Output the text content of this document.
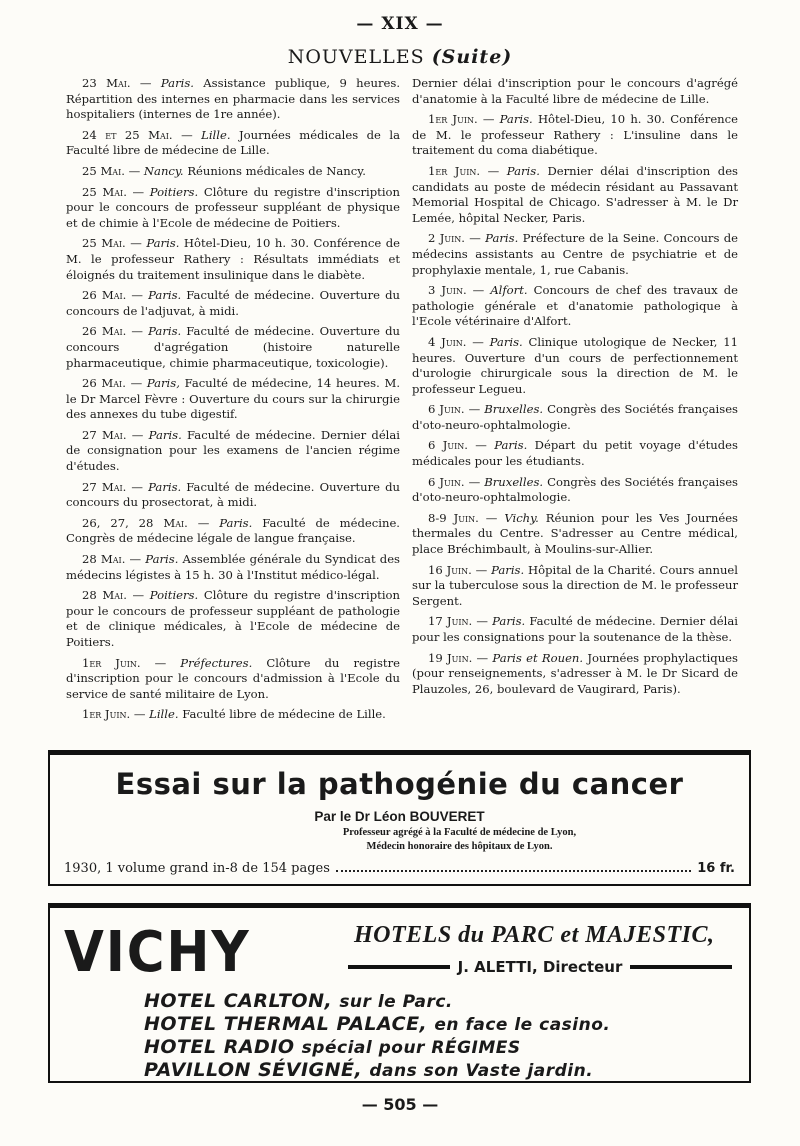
— XIX —
NOUVELLES (Suite)

23 Mai. — Paris. Assistance publique, 9 heures. Répartition des internes en pharmacie dans les services hospitaliers (internes de 1re année).

24 et 25 Mai. — Lille. Journées médicales de la Faculté libre de médecine de Lille.

25 Mai. — Nancy. Réunions médicales de Nancy.

25 Mai. — Poitiers. Clôture du registre d'inscription pour le concours de professeur suppléant de physique et de chimie à l'Ecole de médecine de Poitiers.

25 Mai. — Paris. Hôtel-Dieu, 10 h. 30. Conférence de M. le professeur Rathery : Résultats immédiats et éloignés du traitement insulinique dans le diabète.

26 Mai. — Paris. Faculté de médecine. Ouverture du concours de l'adjuvat, à midi.

26 Mai. — Paris. Faculté de médecine. Ouverture du concours d'agrégation (histoire naturelle pharmaceutique, chimie pharmaceutique, toxicologie).

26 Mai. — Paris, Faculté de médecine, 14 heures. M. le Dr Marcel Fèvre : Ouverture du cours sur la chirurgie des annexes du tube digestif.

27 Mai. — Paris. Faculté de médecine. Dernier délai de consignation pour les examens de l'ancien régime d'études.

27 Mai. — Paris. Faculté de médecine. Ouverture du concours du prosectorat, à midi.

26, 27, 28 Mai. — Paris. Faculté de médecine. Congrès de médecine légale de langue française.

28 Mai. — Paris. Assemblée générale du Syndicat des médecins légistes à 15 h. 30 à l'Institut médico-légal.

28 Mai. — Poitiers. Clôture du registre d'inscription pour le concours de professeur suppléant de pathologie et de clinique médicales, à l'Ecole de médecine de Poitiers.

1er Juin. — Préfectures. Clôture du registre d'inscription pour le concours d'admission à l'Ecole du service de santé militaire de Lyon.

1er Juin. — Lille. Faculté libre de médecine de Lille.

Dernier délai d'inscription pour le concours d'agrégé d'anatomie à la Faculté libre de médecine de Lille.

1er Juin. — Paris. Hôtel-Dieu, 10 h. 30. Conférence de M. le professeur Rathery : L'insuline dans le traitement du coma diabétique.

1er Juin. — Paris. Dernier délai d'inscription des candidats au poste de médecin résidant au Passavant Memorial Hospital de Chicago. S'adresser à M. le Dr Lemée, hôpital Necker, Paris.

2 Juin. — Paris. Préfecture de la Seine. Concours de médecins assistants au Centre de psychiatrie et de prophylaxie mentale, 1, rue Cabanis.

3 Juin. — Alfort. Concours de chef des travaux de pathologie générale et d'anatomie pathologique à l'Ecole vétérinaire d'Alfort.

4 Juin. — Paris. Clinique utologique de Necker, 11 heures. Ouverture d'un cours de perfectionnement d'urologie chirurgicale sous la direction de M. le professeur Legueu.

6 Juin. — Bruxelles. Congrès des Sociétés françaises d'oto-neuro-ophtalmologie.

6 Juin. — Paris. Départ du petit voyage d'études médicales pour les étudiants.

6 Juin. — Bruxelles. Congrès des Sociétés françaises d'oto-neuro-ophtalmologie.

8-9 Juin. — Vichy. Réunion pour les Ves Journées thermales du Centre. S'adresser au Centre médical, place Bréchimbault, à Moulins-sur-Allier.

16 Juin. — Paris. Hôpital de la Charité. Cours annuel sur la tuberculose sous la direction de M. le professeur Sergent.

17 Juin. — Paris. Faculté de médecine. Dernier délai pour les consignations pour la soutenance de la thèse.

19 Juin. — Paris et Rouen. Journées prophylactiques (pour renseignements, s'adresser à M. le Dr Sicard de Plauzoles, 26, boulevard de Vaugirard, Paris).

Essai sur la pathogénie du cancer
Par le Dr Léon BOUVERET
Professeur agrégé à la Faculté de médecine de Lyon,
Médecin honoraire des hôpitaux de Lyon.
1930, 1 volume grand in-8 de 154 pages	16 fr.
VICHY	HOTELS du PARC et MAJESTIC,
J. ALETTI, Directeur
HOTEL CARLTON, sur le Parc.
HOTEL THERMAL PALACE, en face le casino.
HOTEL RADIO spécial pour RÉGIMES
PAVILLON SÉVIGNÉ, dans son Vaste jardin.
— 505 —
